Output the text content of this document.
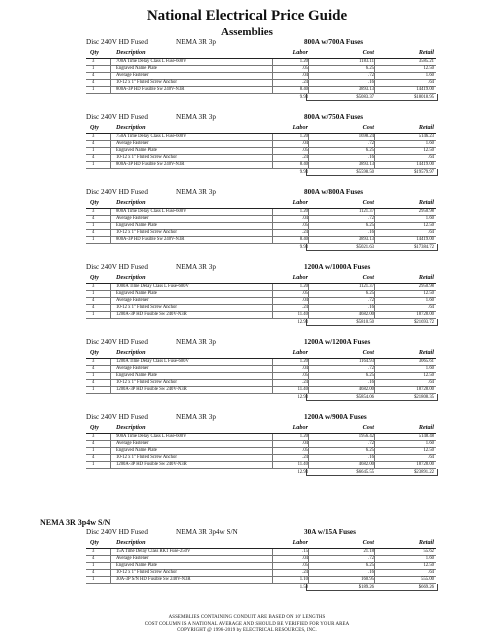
National Electrical Price Guide
Assemblies
Disc 240V HD Fused	NEMA 3R 3p	800A w/700A Fuses
Qty	Description	Labor	Cost	Retail
3	700A Time Delay Class L Fuse-600V	1.20	1183.11	3585.21
1	Engraved Name Plate	.05	6.25	12.50
4	Average Fastener	.04	.72	1.60
4	10-12 x 1" Fluted Screw Anchor	.24	.16	.64
1	800A-3P HD Fusible Sw 240V-N3R	8.40	3893.13	14419.00
9.93	$5083.37	$18018.95
Disc 240V HD Fused	NEMA 3R 3p	800A w/750A Fuses
Qty	Description	Labor	Cost	Retail
3	750A Time Delay Class L Fuse-600V	1.20	1698.24	5146.23
4	Average Fastener	.04	.72	1.60
1	Engraved Name Plate	.05	6.25	12.50
4	10-12 x 1" Fluted Screw Anchor	.24	.16	.64
1	800A-3P HD Fusible Sw 240V-N3R	8.40	3893.13	14419.00
9.93	$5598.50	$19579.97
Disc 240V HD Fused	NEMA 3R 3p	800A w/800A Fuses
Qty	Description	Labor	Cost	Retail
3	800A Time Delay Class L Fuse-600V	1.20	1121.37	2950.98
4	Average Fastener	.04	.72	1.60
1	Engraved Name Plate	.05	6.25	12.50
4	10-12 x 1" Fluted Screw Anchor	.24	.16	.64
1	800A-3P HD Fusible Sw 240V-N3R	8.40	3893.13	14419.00
9.93	$5021.63	$17384.72
Disc 240V HD Fused	NEMA 3R 3p	1200A w/1000A Fuses
Qty	Description	Labor	Cost	Retail
3	1000A Time Delay Class L Fuse-600V	1.20	1121.37	2950.98
1	Engraved Name Plate	.05	6.25	12.50
4	Average Fastener	.04	.72	1.60
4	10-12 x 1" Fluted Screw Anchor	.24	.16	.64
1	1200A-3P HD Fusible Sw 240V-N3R	11.40	4682.00	18728.00
12.93	$5810.50	$21693.72
Disc 240V HD Fused	NEMA 3R 3p	1200A w/1200A Fuses
Qty	Description	Labor	Cost	Retail
3	1200A Time Delay Class L Fuse-600V	1.20	1164.93	3065.61
4	Average Fastener	.04	.72	1.60
1	Engraved Name Plate	.05	6.25	12.50
4	10-12 x 1" Fluted Screw Anchor	.24	.16	.64
1	1200A-3P HD Fusible Sw 240V-N3R	11.40	4682.00	18728.00
12.93	$5854.06	$21808.35
Disc 240V HD Fused	NEMA 3R 3p	1200A w/900A Fuses
Qty	Description	Labor	Cost	Retail
3	900A Time Delay Class L Fuse-600V	1.20	1956.42	5148.48
4	Average Fastener	.04	.72	1.60
1	Engraved Name Plate	.05	6.25	12.50
4	10-12 x 1" Fluted Screw Anchor	.24	.16	.64
1	1200A-3P HD Fusible Sw 240V-N3R	11.40	4682.00	18728.00
12.93	$6645.55	$23891.22
Disc 240V HD Fused	NEMA 3R 3p4w S/N	30A w/15A Fuses
Qty	Description	Labor	Cost	Retail
3	15A Time Delay Class RK1 Fuse-250V	.15	21.18	55.62
4	Average Fastener	.04	.72	1.60
1	Engraved Name Plate	.05	6.25	12.50
4	10-12 x 1" Fluted Screw Anchor	.24	.16	.64
1	30A-3P S/N HD Fusible Sw 240V-N3R	1.10	160.95	555.00
1.58	$189.26	$669.26
NEMA 3R 3p4w S/N
ASSEMBLIES CONTAINING CONDUIT ARE BASED ON 10' LENGTHS
COST COLUMN IS A NATIONAL AVERAGE AND SHOULD BE VERIFIED FOR YOUR AREA
COPYRIGHT @ 1996-2019 by ELECTRICAL RESOURCES, INC.
